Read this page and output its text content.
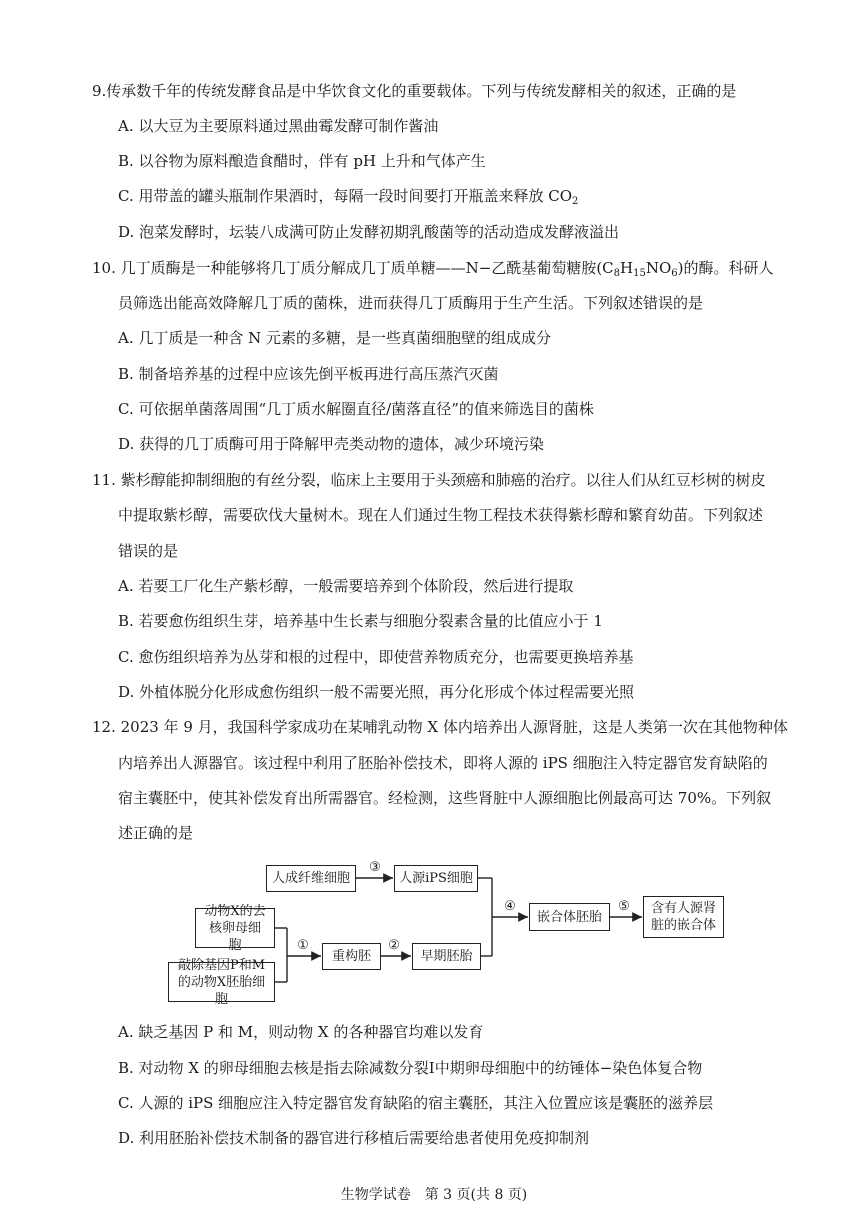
9.传承数千年的传统发酵食品是中华饮食文化的重要载体。下列与传统发酵相关的叙述，正确的是
A. 以大豆为主要原料通过黑曲霉发酵可制作酱油
B. 以谷物为原料酿造食醋时，伴有 pH 上升和气体产生
C. 用带盖的罐头瓶制作果酒时，每隔一段时间要打开瓶盖来释放 $CO_2$
D. 泡菜发酵时，坛装八成满可防止发酵初期乳酸菌等的活动造成发酵液溢出
10. 几丁质酶是一种能够将几丁质分解成几丁质单糖——N−乙酰基葡萄糖胺$(C_8H_{15}NO_6)$的酶。科研人
员筛选出能高效降解几丁质的菌株，进而获得几丁质酶用于生产生活。下列叙述错误的是
A. 几丁质是一种含 N 元素的多糖，是一些真菌细胞壁的组成成分
B. 制备培养基的过程中应该先倒平板再进行高压蒸汽灭菌
C. 可依据单菌落周围“几丁质水解圈直径/菌落直径”的值来筛选目的菌株
D. 获得的几丁质酶可用于降解甲壳类动物的遗体，减少环境污染
11. 紫杉醇能抑制细胞的有丝分裂，临床上主要用于头颈癌和肺癌的治疗。以往人们从红豆杉树的树皮
中提取紫杉醇，需要砍伐大量树木。现在人们通过生物工程技术获得紫杉醇和繁育幼苗。下列叙述
错误的是
A. 若要工厂化生产紫杉醇，一般需要培养到个体阶段，然后进行提取
B. 若要愈伤组织生芽，培养基中生长素与细胞分裂素含量的比值应小于 1
C. 愈伤组织培养为丛芽和根的过程中，即使营养物质充分，也需要更换培养基
D. 外植体脱分化形成愈伤组织一般不需要光照，再分化形成个体过程需要光照
12. 2023 年 9 月，我国科学家成功在某哺乳动物 X 体内培养出人源肾脏，这是人类第一次在其他物种体
内培养出人源器官。该过程中利用了胚胎补偿技术，即将人源的 iPS 细胞注入特定器官发育缺陷的
宿主囊胚中，使其补偿发育出所需器官。经检测，这些肾脏中人源细胞比例最高可达 70%。下列叙
述正确的是
人成纤维细胞	人源iPS细胞
动物X的去核卵母细胞
敲除基因P和M的动物X胚胎细胞
重构胚	早期胚胎
嵌合体胚胎
含有人源肾脏的嵌合体
③
①	②
④	⑤
A. 缺乏基因 P 和 M，则动物 X 的各种器官均难以发育
B. 对动物 X 的卵母细胞去核是指去除减数分裂Ⅰ中期卵母细胞中的纺锤体−染色体复合物
C. 人源的 iPS 细胞应注入特定器官发育缺陷的宿主囊胚，其注入位置应该是囊胚的滋养层
D. 利用胚胎补偿技术制备的器官进行移植后需要给患者使用免疫抑制剂
生物学试卷　第 3 页(共 8 页)
